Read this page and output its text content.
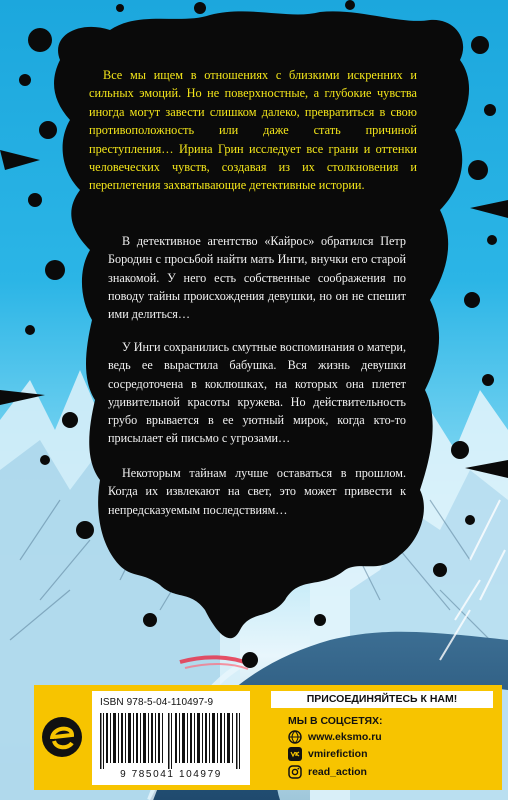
Все мы ищем в отношениях с близкими искренних и сильных эмоций. Но не поверхностные, а глубокие чувства иногда могут завести слишком далеко, превратиться в свою противоположность или даже стать причиной преступления… Ирина Грин исследует все грани и оттенки человеческих чувств, создавая из их столкновения и переплетения захватывающие детективные истории.

В детективное агентство «Кайрос» обратился Петр Бородин с просьбой найти мать Инги, внучки его старой знакомой. У него есть собственные соображения по поводу тайны происхождения девушки, но он не спешит ими делиться…

У Инги сохранились смутные воспоминания о матери, ведь ее вырастила бабушка. Вся жизнь девушки сосредоточена в коклюшках, на которых она плетет удивительной красоты кружева. Но действительность грубо врывается в ее уютный мирок, когда кто-то присылает ей письмо с угрозами…

Некоторым тайнам лучше оставаться в прошлом. Когда их извлекают на свет, это может привести к непредсказуемым последствиям…

ISBN 978-5-04-110497-9
9 785041 104979
ПРИСОЕДИНЯЙТЕСЬ К НАМ!
МЫ В СОЦСЕТЯХ:
www.eksmo.ru
vmirefiction
read_action
